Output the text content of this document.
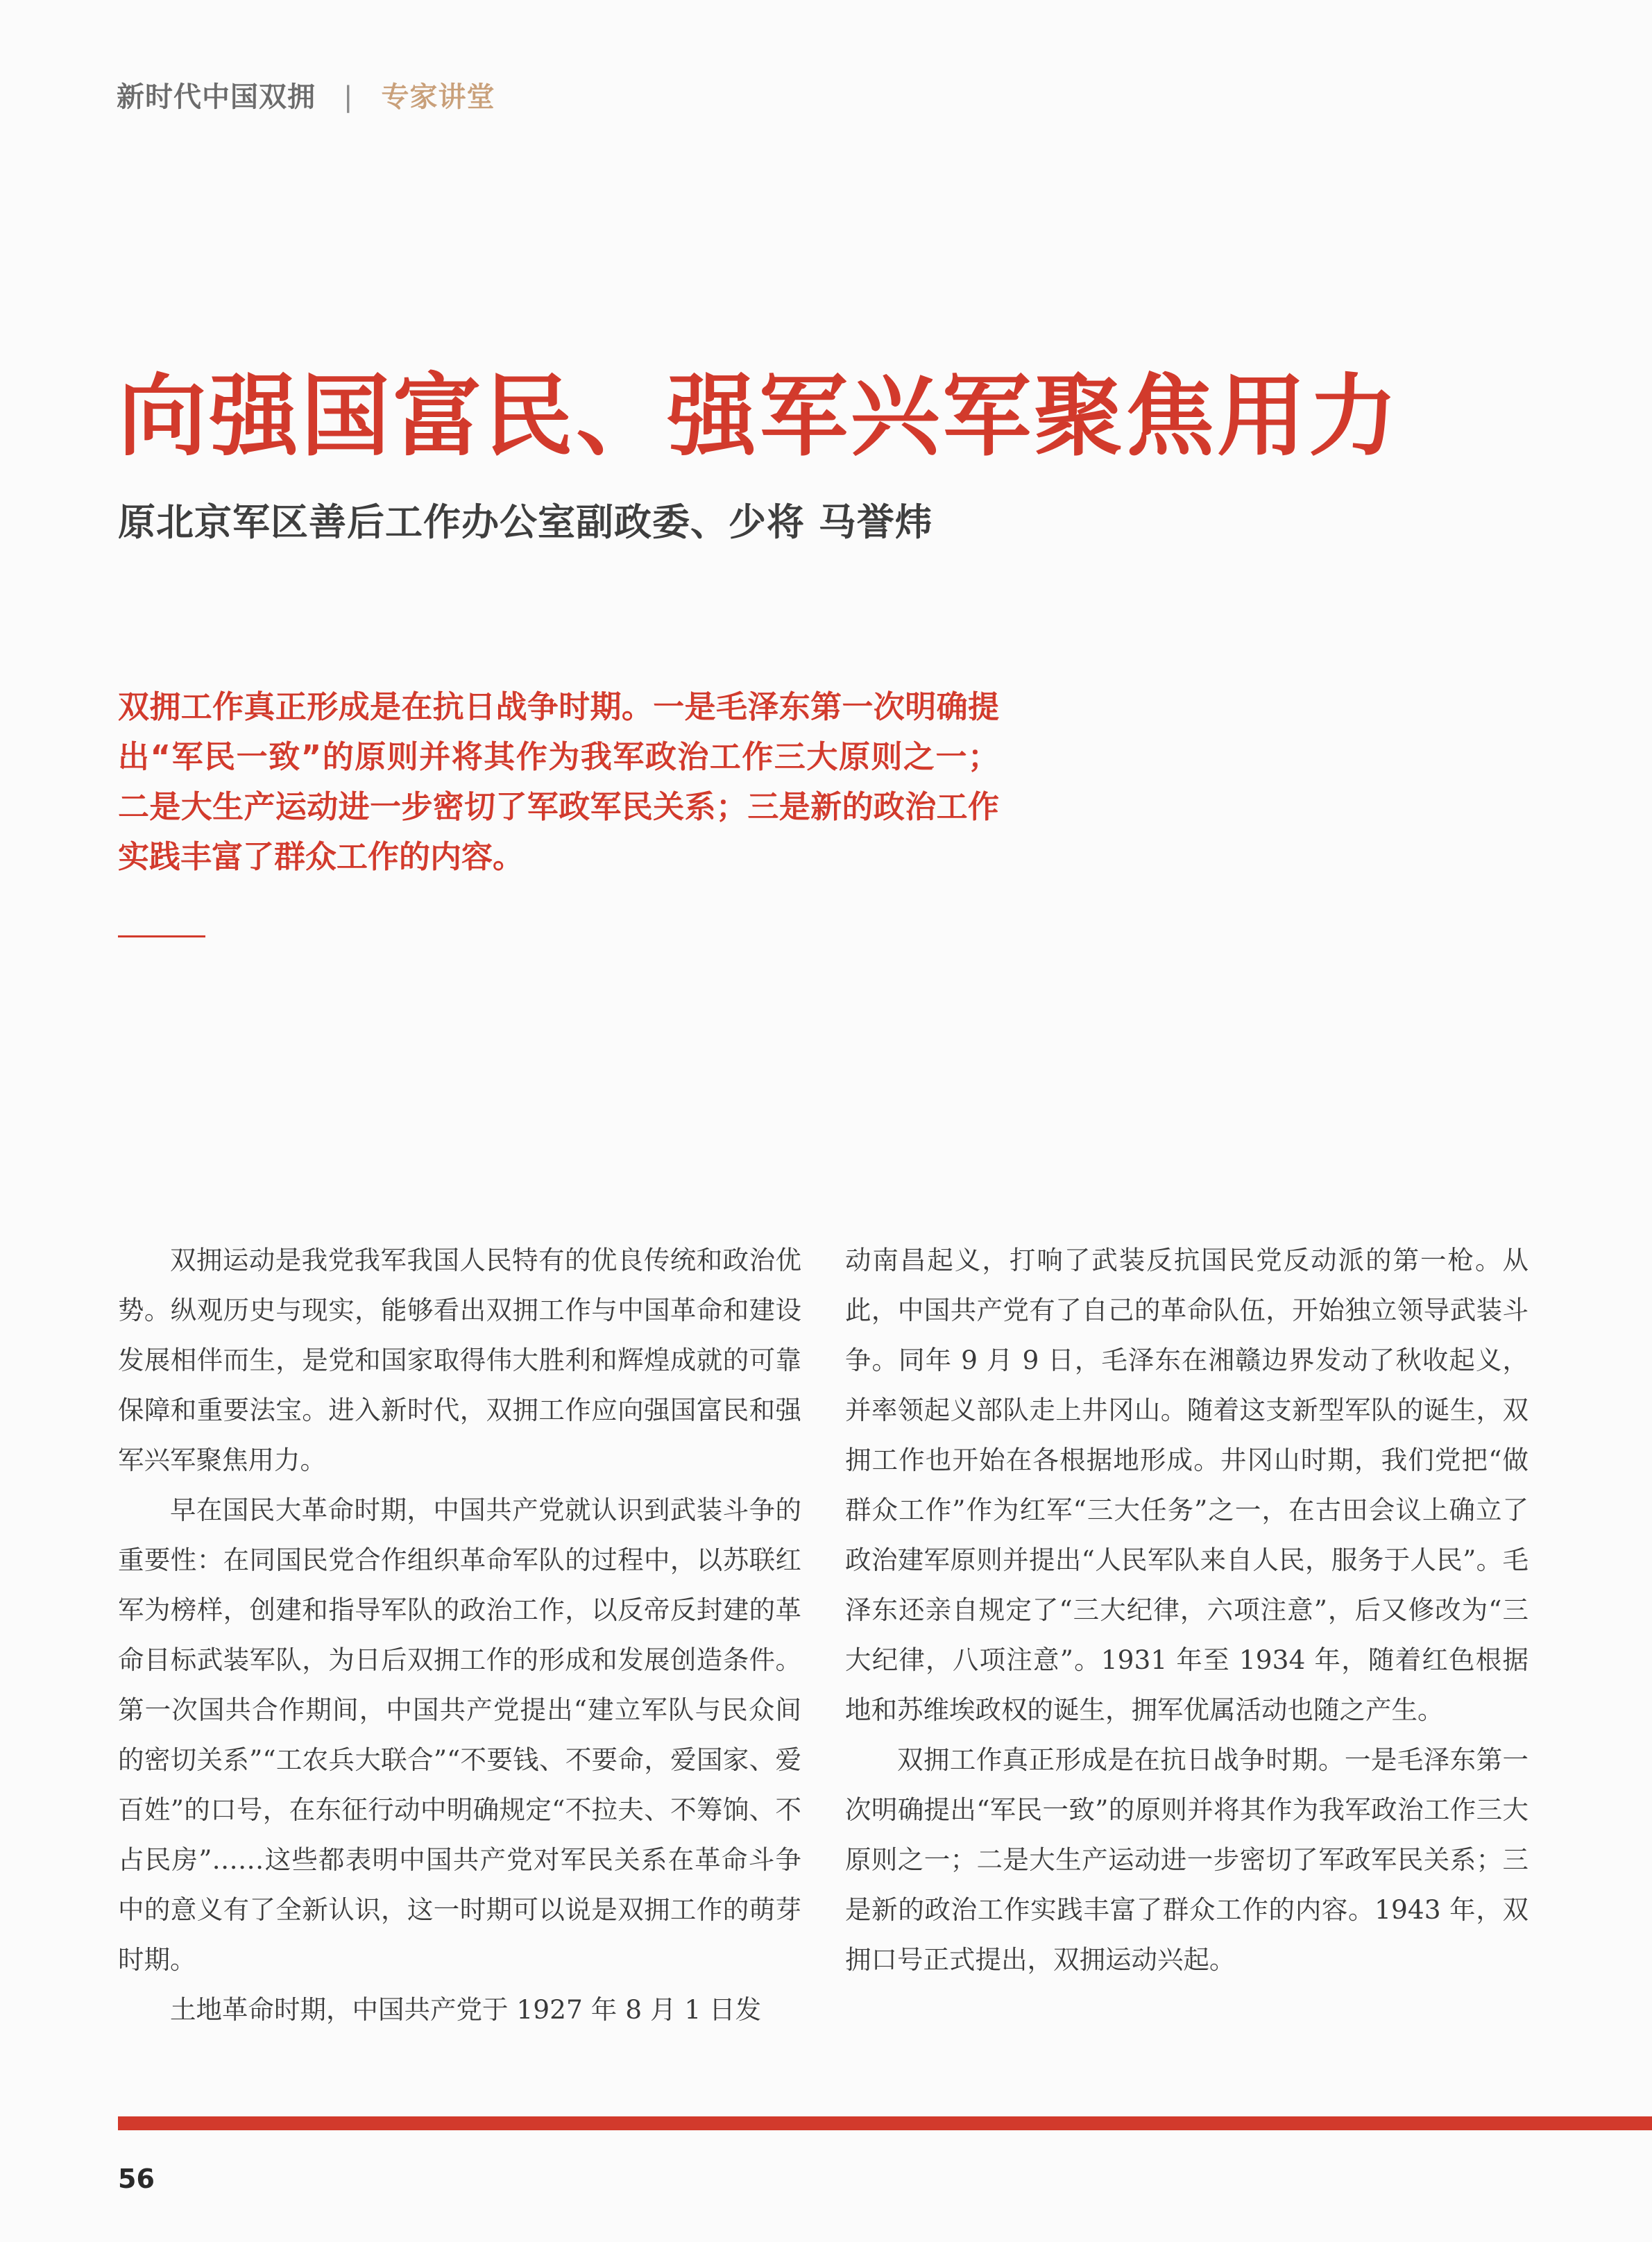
新时代中国双拥 | 专家讲堂
向强国富民、强军兴军聚焦用力
原北京军区善后工作办公室副政委、少将 马誉炜

双拥工作真正形成是在抗日战争时期。一是毛泽东第一次明确提出“军民一致”的原则并将其作为我军政治工作三大原则之一；二是大生产运动进一步密切了军政军民关系；三是新的政治工作实践丰富了群众工作的内容。

双拥运动是我党我军我国人民特有的优良传统和政治优势。纵观历史与现实，能够看出双拥工作与中国革命和建设发展相伴而生，是党和国家取得伟大胜利和辉煌成就的可靠保障和重要法宝。进入新时代，双拥工作应向强国富民和强军兴军聚焦用力。

早在国民大革命时期，中国共产党就认识到武装斗争的重要性：在同国民党合作组织革命军队的过程中，以苏联红军为榜样，创建和指导军队的政治工作，以反帝反封建的革命目标武装军队，为日后双拥工作的形成和发展创造条件。第一次国共合作期间，中国共产党提出“建立军队与民众间的密切关系”“工农兵大联合”“不要钱、不要命，爱国家、爱百姓”的口号，在东征行动中明确规定“不拉夫、不筹饷、不占民房”……这些都表明中国共产党对军民关系在革命斗争中的意义有了全新认识，这一时期可以说是双拥工作的萌芽时期。

土地革命时期，中国共产党于 1927 年 8 月 1 日发

动南昌起义，打响了武装反抗国民党反动派的第一枪。从此，中国共产党有了自己的革命队伍，开始独立领导武装斗争。同年 9 月 9 日，毛泽东在湘赣边界发动了秋收起义，并率领起义部队走上井冈山。随着这支新型军队的诞生，双拥工作也开始在各根据地形成。井冈山时期，我们党把“做群众工作”作为红军“三大任务”之一，在古田会议上确立了政治建军原则并提出“人民军队来自人民，服务于人民”。毛泽东还亲自规定了“三大纪律，六项注意”，后又修改为“三大纪律，八项注意”。1931 年至 1934 年，随着红色根据地和苏维埃政权的诞生，拥军优属活动也随之产生。

双拥工作真正形成是在抗日战争时期。一是毛泽东第一次明确提出“军民一致”的原则并将其作为我军政治工作三大原则之一；二是大生产运动进一步密切了军政军民关系；三是新的政治工作实践丰富了群众工作的内容。1943 年，双拥口号正式提出，双拥运动兴起。

56
